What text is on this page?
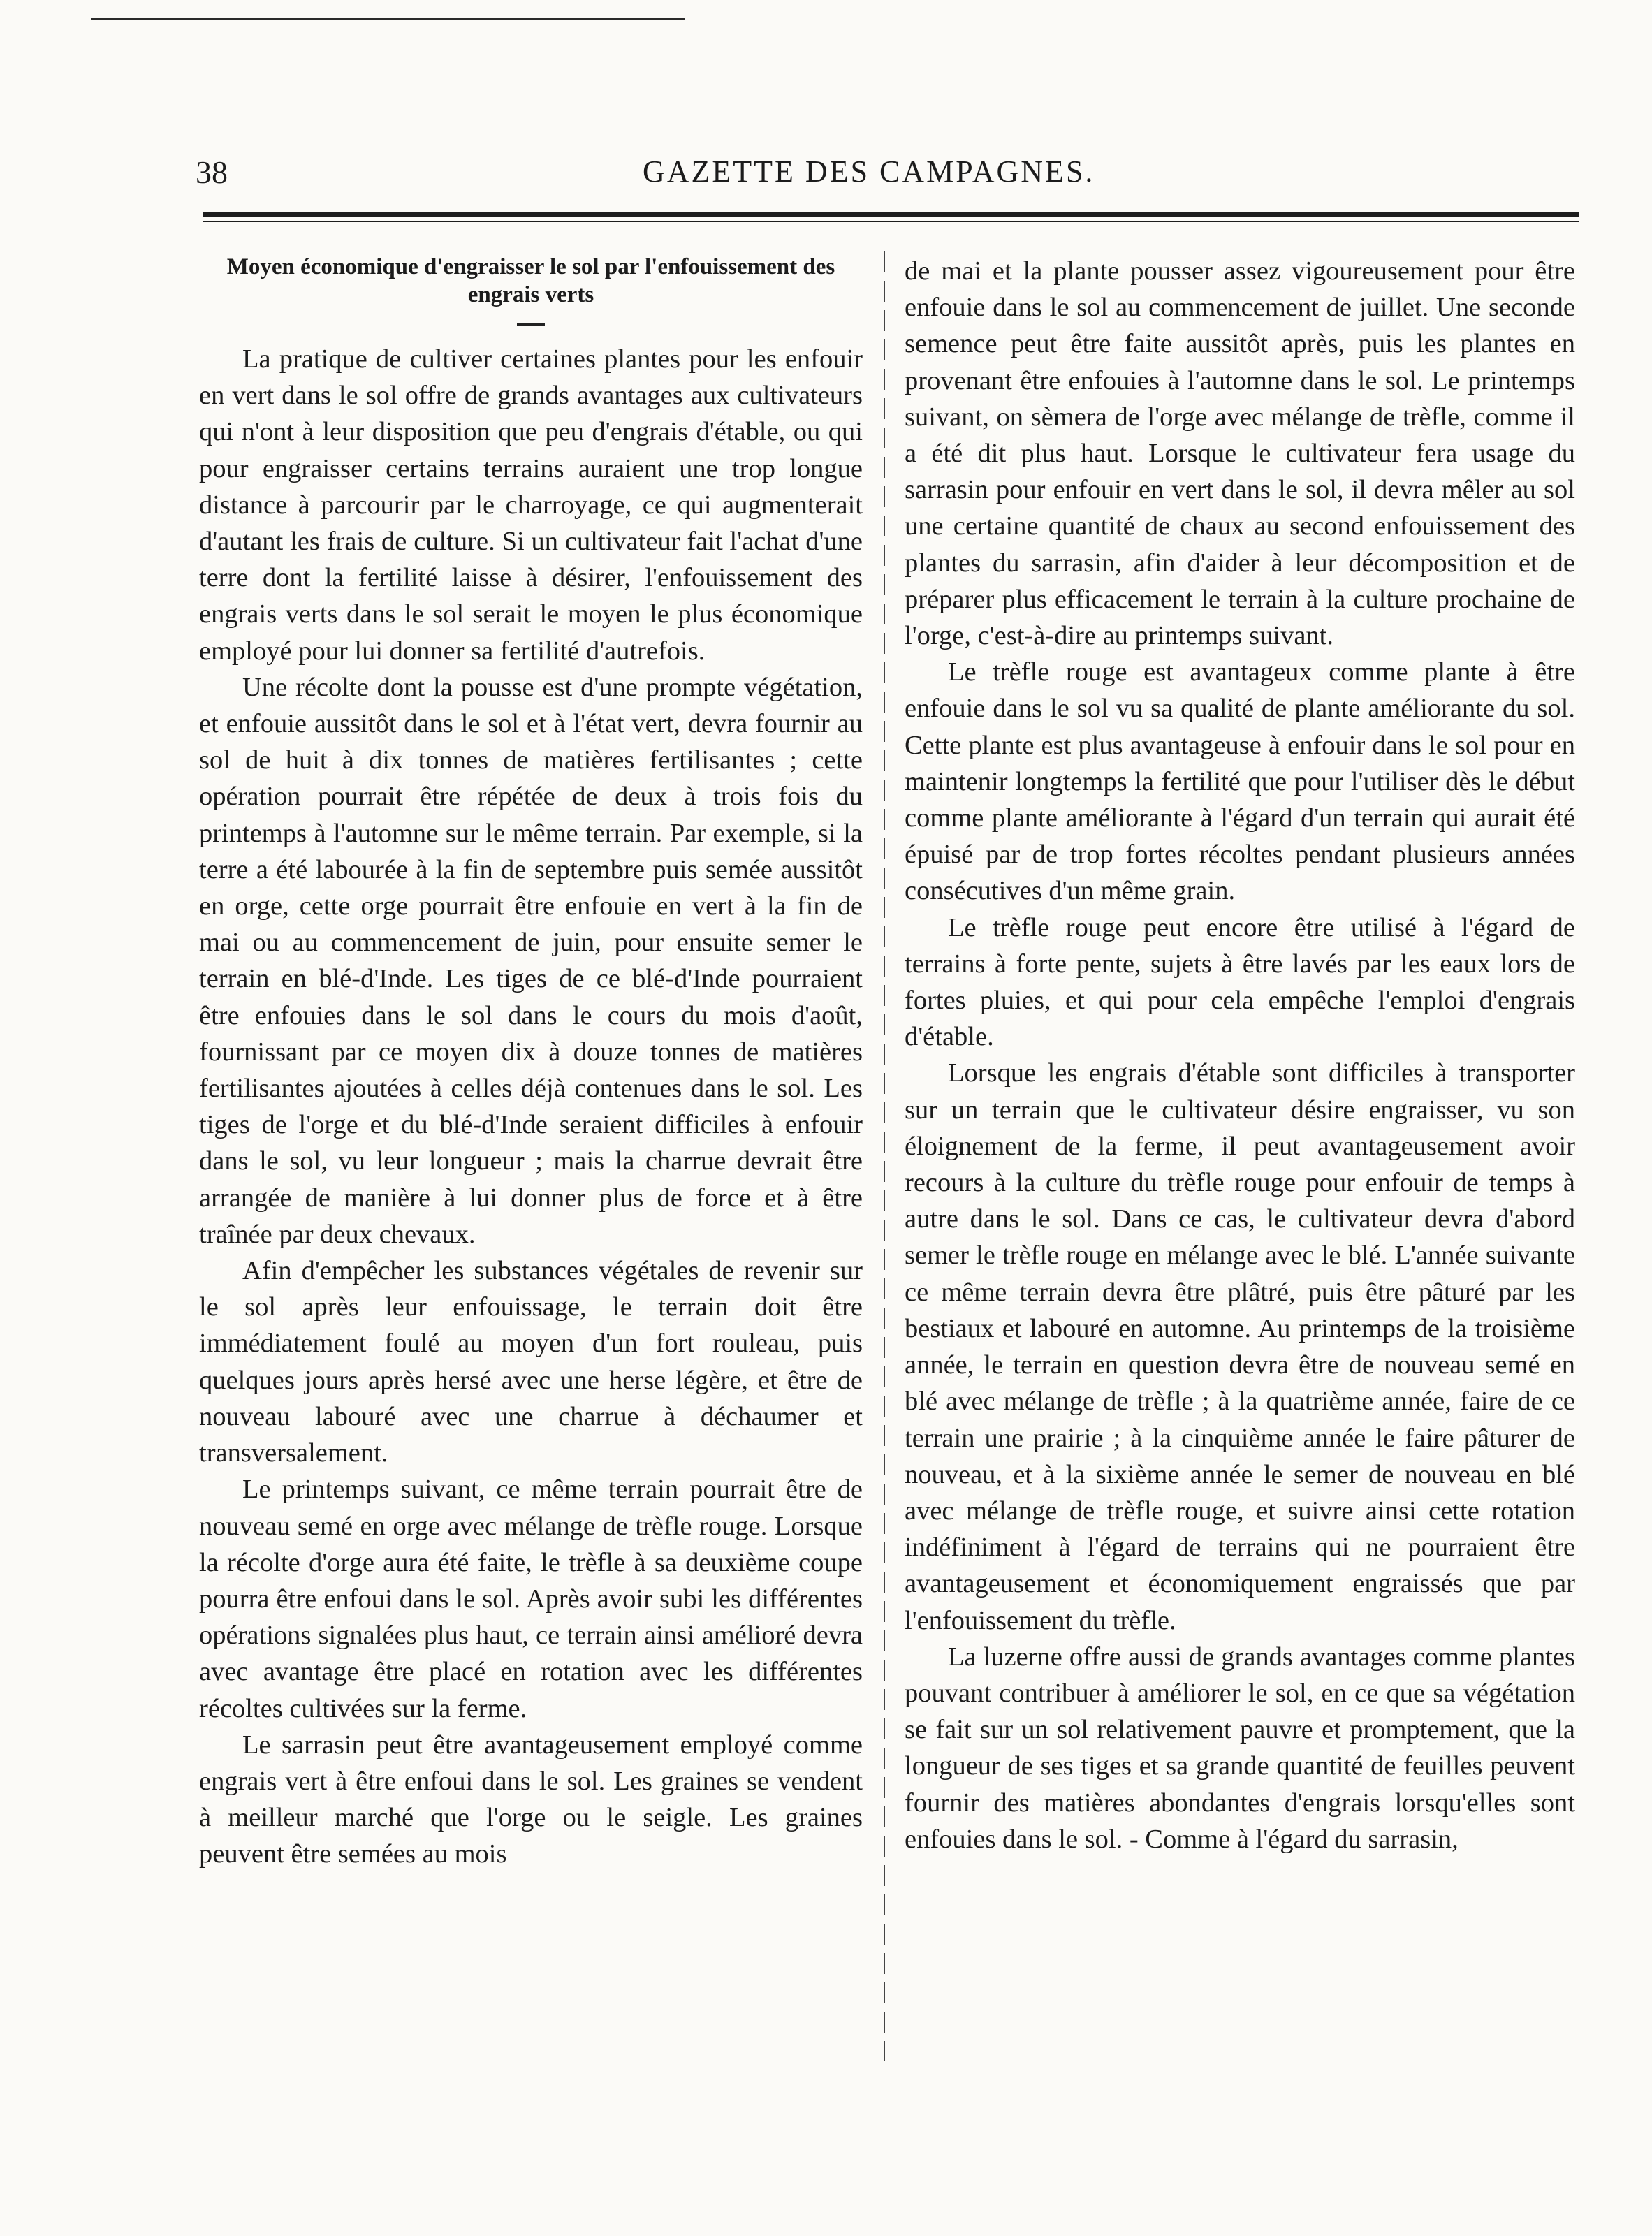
38	GAZETTE DES CAMPAGNES.

Moyen économique d'engraisser le sol par l'enfouissement des engrais verts

La pratique de cultiver certaines plantes pour les enfouir en vert dans le sol offre de grands avantages aux cultivateurs qui n'ont à leur disposition que peu d'engrais d'étable, ou qui pour engraisser certains terrains auraient une trop longue distance à parcourir par le charroyage, ce qui augmenterait d'autant les frais de culture. Si un cultivateur fait l'achat d'une terre dont la fertilité laisse à désirer, l'enfouissement des engrais verts dans le sol serait le moyen le plus économique employé pour lui donner sa fertilité d'autrefois.

Une récolte dont la pousse est d'une prompte végétation, et enfouie aussitôt dans le sol et à l'état vert, devra fournir au sol de huit à dix tonnes de matières fertilisantes ; cette opération pourrait être répétée de deux à trois fois du printemps à l'automne sur le même terrain. Par exemple, si la terre a été labourée à la fin de septembre puis semée aussitôt en orge, cette orge pourrait être enfouie en vert à la fin de mai ou au commencement de juin, pour ensuite semer le terrain en blé-d'Inde. Les tiges de ce blé-d'Inde pourraient être enfouies dans le sol dans le cours du mois d'août, fournissant par ce moyen dix à douze tonnes de matières fertilisantes ajoutées à celles déjà contenues dans le sol. Les tiges de l'orge et du blé-d'Inde seraient difficiles à enfouir dans le sol, vu leur longueur ; mais la charrue devrait être arrangée de manière à lui donner plus de force et à être traînée par deux chevaux.

Afin d'empêcher les substances végétales de revenir sur le sol après leur enfouissage, le terrain doit être immédiatement foulé au moyen d'un fort rouleau, puis quelques jours après hersé avec une herse légère, et être de nouveau labouré avec une charrue à déchaumer et transversalement.

Le printemps suivant, ce même terrain pourrait être de nouveau semé en orge avec mélange de trèfle rouge. Lorsque la récolte d'orge aura été faite, le trèfle à sa deuxième coupe pourra être enfoui dans le sol. Après avoir subi les différentes opérations signalées plus haut, ce terrain ainsi amélioré devra avec avantage être placé en rotation avec les différentes récoltes cultivées sur la ferme.

Le sarrasin peut être avantageusement employé comme engrais vert à être enfoui dans le sol. Les graines se vendent à meilleur marché que l'orge ou le seigle. Les graines peuvent être semées au mois

de mai et la plante pousser assez vigoureusement pour être enfouie dans le sol au commencement de juillet. Une seconde semence peut être faite aussitôt après, puis les plantes en provenant être enfouies à l'automne dans le sol. Le printemps suivant, on sèmera de l'orge avec mélange de trèfle, comme il a été dit plus haut. Lorsque le cultivateur fera usage du sarrasin pour enfouir en vert dans le sol, il devra mêler au sol une certaine quantité de chaux au second enfouissement des plantes du sarrasin, afin d'aider à leur décomposition et de préparer plus efficacement le terrain à la culture prochaine de l'orge, c'est-à-dire au printemps suivant.

Le trèfle rouge est avantageux comme plante à être enfouie dans le sol vu sa qualité de plante améliorante du sol. Cette plante est plus avantageuse à enfouir dans le sol pour en maintenir longtemps la fertilité que pour l'utiliser dès le début comme plante améliorante à l'égard d'un terrain qui aurait été épuisé par de trop fortes récoltes pendant plusieurs années consécutives d'un même grain.

Le trèfle rouge peut encore être utilisé à l'égard de terrains à forte pente, sujets à être lavés par les eaux lors de fortes pluies, et qui pour cela empêche l'emploi d'engrais d'étable.

Lorsque les engrais d'étable sont difficiles à transporter sur un terrain que le cultivateur désire engraisser, vu son éloignement de la ferme, il peut avantageusement avoir recours à la culture du trèfle rouge pour enfouir de temps à autre dans le sol. Dans ce cas, le cultivateur devra d'abord semer le trèfle rouge en mélange avec le blé. L'année suivante ce même terrain devra être plâtré, puis être pâturé par les bestiaux et labouré en automne. Au printemps de la troisième année, le terrain en question devra être de nouveau semé en blé avec mélange de trèfle ; à la quatrième année, faire de ce terrain une prairie ; à la cinquième année le faire pâturer de nouveau, et à la sixième année le semer de nouveau en blé avec mélange de trèfle rouge, et suivre ainsi cette rotation indéfiniment à l'égard de terrains qui ne pourraient être avantageusement et économiquement engraissés que par l'enfouissement du trèfle.

La luzerne offre aussi de grands avantages comme plantes pouvant contribuer à améliorer le sol, en ce que sa végétation se fait sur un sol relativement pauvre et promptement, que la longueur de ses tiges et sa grande quantité de feuilles peuvent fournir des matières abondantes d'engrais lorsqu'elles sont enfouies dans le sol. - Comme à l'égard du sarrasin,
